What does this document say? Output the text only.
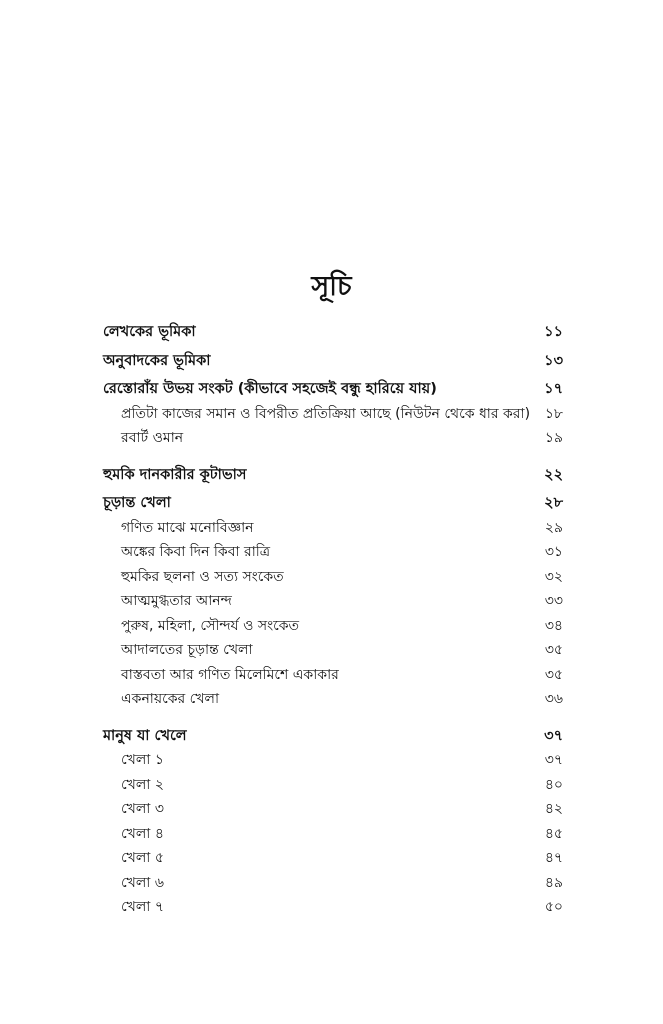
সূচি
লেখকের ভূমিকা	১১
অনুবাদকের ভূমিকা	১৩
রেস্তোরাঁয় উভয় সংকট (কীভাবে সহজেই বন্ধু হারিয়ে যায়)	১৭
প্রতিটা কাজের সমান ও বিপরীত প্রতিক্রিয়া আছে (নিউটন থেকে ধার করা) ১৮
রবার্ট ওমান	১৯
হুমকি দানকারীর কূটাভাস	২২
চূড়ান্ত খেলা	২৮
গণিত মাঝে মনোবিজ্ঞান	২৯
অঙ্কের কিবা দিন কিবা রাত্রি	৩১
হুমকির ছলনা ও সত্য সংকেত	৩২
আত্মমুগ্ধতার আনন্দ	৩৩
পুরুষ, মহিলা, সৌন্দর্য ও সংকেত	৩৪
আদালতের চূড়ান্ত খেলা	৩৫
বাস্তবতা আর গণিত মিলেমিশে একাকার	৩৫
একনায়কের খেলা	৩৬
মানুষ যা খেলে	৩৭
খেলা ১	৩৭
খেলা ২	৪০
খেলা ৩	৪২
খেলা ৪	৪৫
খেলা ৫	৪৭
খেলা ৬	৪৯
খেলা ৭	৫০
